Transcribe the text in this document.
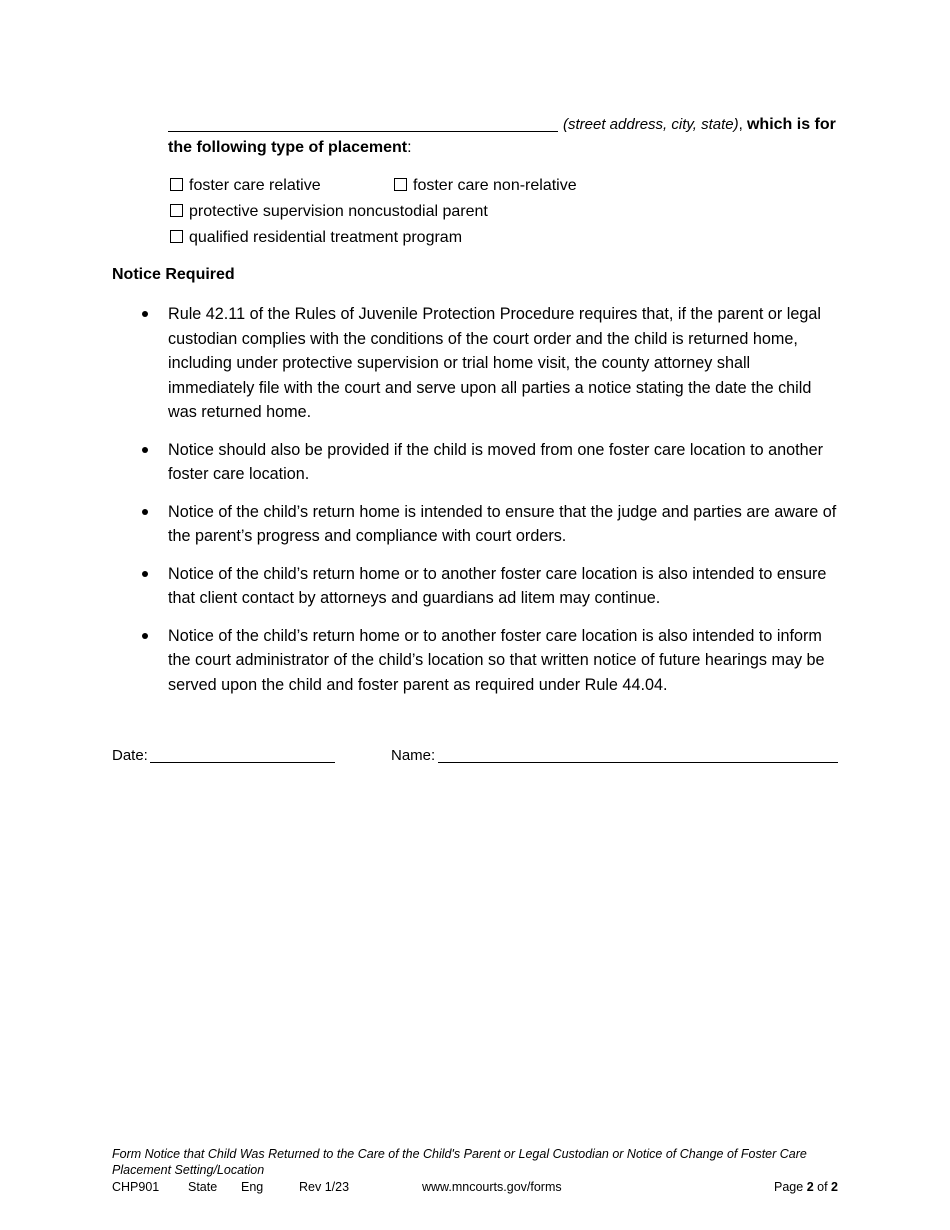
(street address, city, state), which is for
the following type of placement:
foster care relative	foster care non-relative
protective supervision noncustodial parent
qualified residential treatment program
Notice Required
Rule 42.11 of the Rules of Juvenile Protection Procedure requires that, if the parent or legal custodian complies with the conditions of the court order and the child is returned home, including under protective supervision or trial home visit, the county attorney shall immediately file with the court and serve upon all parties a notice stating the date the child was returned home.
Notice should also be provided if the child is moved from one foster care location to another foster care location.
Notice of the child’s return home is intended to ensure that the judge and parties are aware of the parent’s progress and compliance with court orders.
Notice of the child’s return home or to another foster care location is also intended to ensure that client contact by attorneys and guardians ad litem may continue.
Notice of the child’s return home or to another foster care location is also intended to inform the court administrator of the child’s location so that written notice of future hearings may be served upon the child and foster parent as required under Rule 44.04.
Date:	Name:
Form Notice that Child Was Returned to the Care of the Child's Parent or Legal Custodian or Notice of Change of Foster Care
Placement Setting/Location
CHP901 State Eng	Rev 1/23	www.mncourts.gov/forms	Page 2 of 2
